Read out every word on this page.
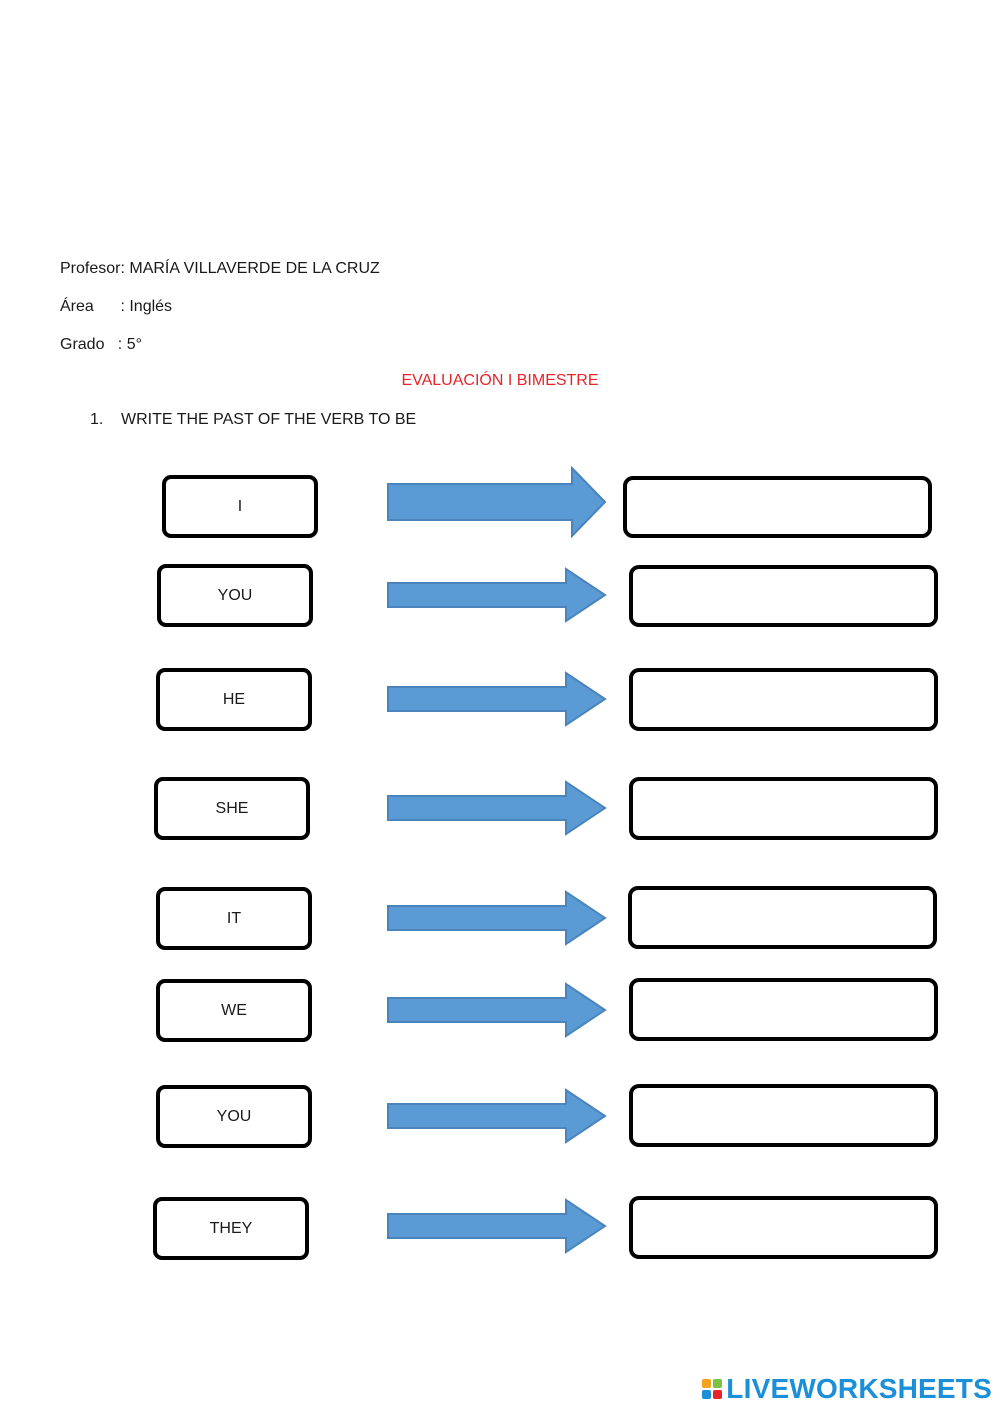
Profesor: MARÍA VILLAVERDE DE LA CRUZ
Área      : Inglés
Grado   : 5°
EVALUACIÓN I BIMESTRE
1. WRITE THE PAST OF THE VERB TO BE
I
YOU
HE
SHE
IT
WE
YOU
THEY
LIVEWORKSHEETS
